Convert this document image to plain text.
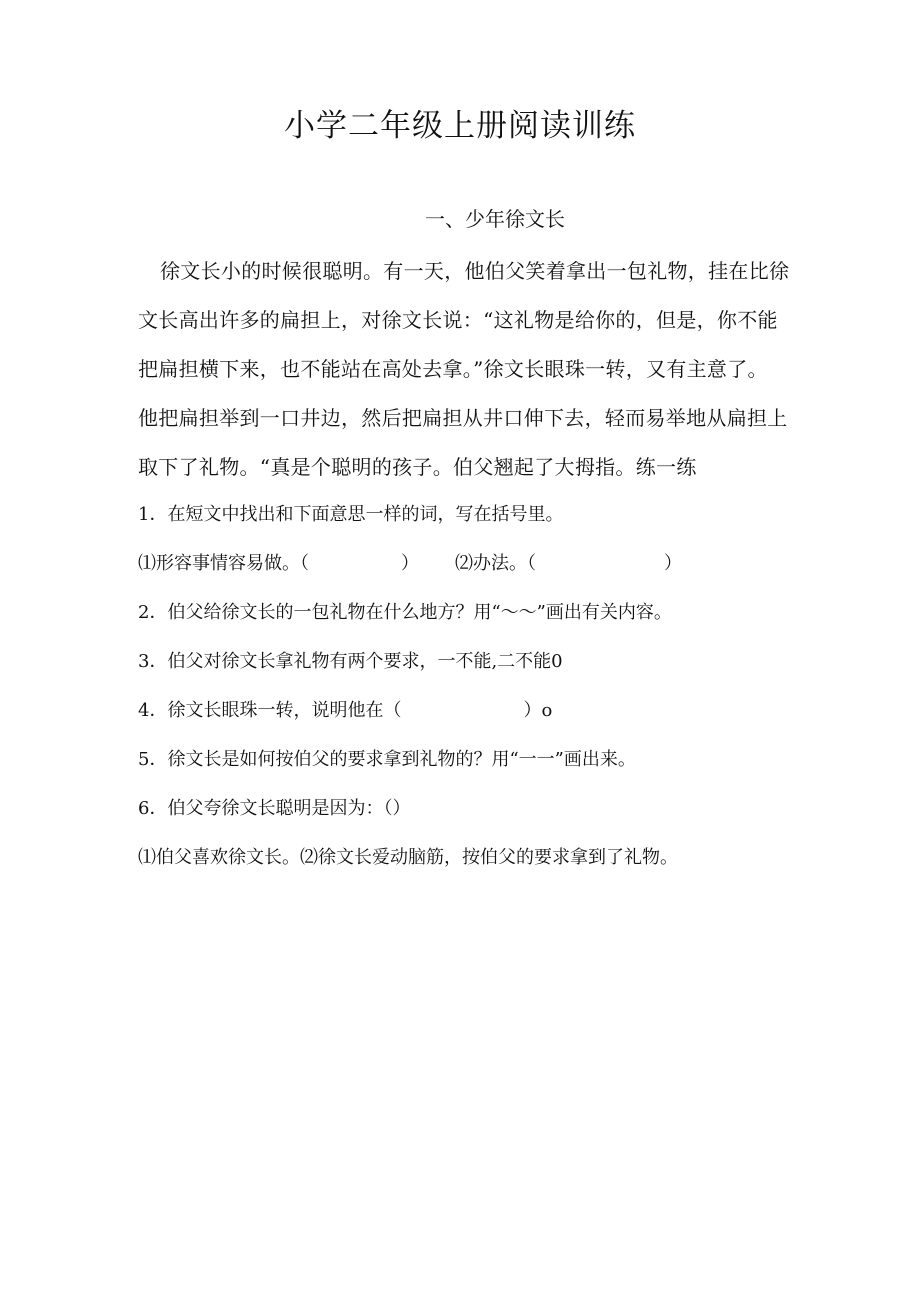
小学二年级上册阅读训练
一、少年徐文长
徐文长小的时候很聪明。有一天，他伯父笑着拿出一包礼物，挂在比徐
文长高出许多的扁担上，对徐文长说：“这礼物是给你的，但是，你不能
把扁担横下来，也不能站在高处去拿。”徐文长眼珠一转，又有主意了。
他把扁担举到一口井边，然后把扁担从井口伸下去，轻而易举地从扁担上
取下了礼物。“真是个聪明的孩子。伯父翘起了大拇指。练一练
1．在短文中找出和下面意思一样的词，写在括号里。
⑴形容事情容易做。（	） ⑵办法。（	）
2．伯父给徐文长的一包礼物在什么地方？用“～～”画出有关内容。
3．伯父对徐文长拿礼物有两个要求，一不能,二不能0
4．徐文长眼珠一转，说明他在（	）o
5．徐文长是如何按伯父的要求拿到礼物的？用“一一”画出来。
6．伯父夸徐文长聪明是因为：（）
⑴伯父喜欢徐文长。⑵徐文长爱动脑筋，按伯父的要求拿到了礼物。
